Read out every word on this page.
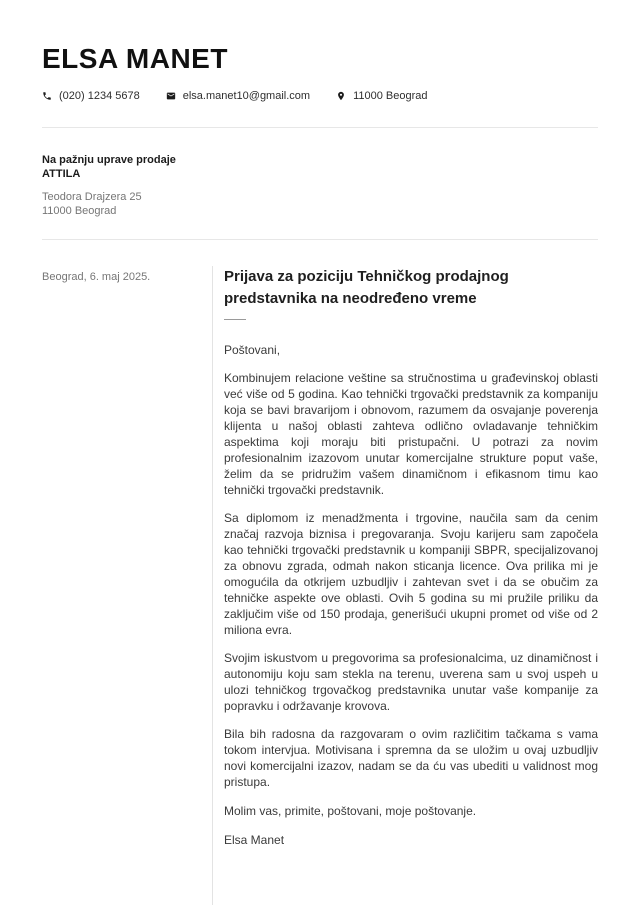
ELSA MANET
(020) 1234 5678	elsa.manet10@gmail.com	11000 Beograd
Na pažnju uprave prodaje
ATTILA
Teodora Drajzera 25
11000 Beograd
Beograd, 6. maj 2025.	Prijava za poziciju Tehničkog prodajnog predstavnika na neodređeno vreme

Poštovani,

Kombinujem relacione veštine sa stručnostima u građevinskoj oblasti već više od 5 godina. Kao tehnički trgovački predstavnik za kompaniju koja se bavi bravarijom i obnovom, razumem da osvajanje poverenja klijenta u našoj oblasti zahteva odlično ovladavanje tehničkim aspektima koji moraju biti pristupačni. U potrazi za novim profesionalnim izazovom unutar komercijalne strukture poput vaše, želim da se pridružim vašem dinamičnom i efikasnom timu kao tehnički trgovački predstavnik.

Sa diplomom iz menadžmenta i trgovine, naučila sam da cenim značaj razvoja biznisa i pregovaranja. Svoju karijeru sam započela kao tehnički trgovački predstavnik u kompaniji SBPR, specijalizovanoj za obnovu zgrada, odmah nakon sticanja licence. Ova prilika mi je omogućila da otkrijem uzbudljiv i zahtevan svet i da se obučim za tehničke aspekte ove oblasti. Ovih 5 godina su mi pružile priliku da zaključim više od 150 prodaja, generišući ukupni promet od više od 2 miliona evra.

Svojim iskustvom u pregovorima sa profesionalcima, uz dinamičnost i autonomiju koju sam stekla na terenu, uverena sam u svoj uspeh u ulozi tehničkog trgovačkog predstavnika unutar vaše kompanije za popravku i održavanje krovova.

Bila bih radosna da razgovaram o ovim različitim tačkama s vama tokom intervjua. Motivisana i spremna da se uložim u ovaj uzbudljiv novi komercijalni izazov, nadam se da ću vas ubediti u validnost mog pristupa.

Molim vas, primite, poštovani, moje poštovanje.

Elsa Manet
